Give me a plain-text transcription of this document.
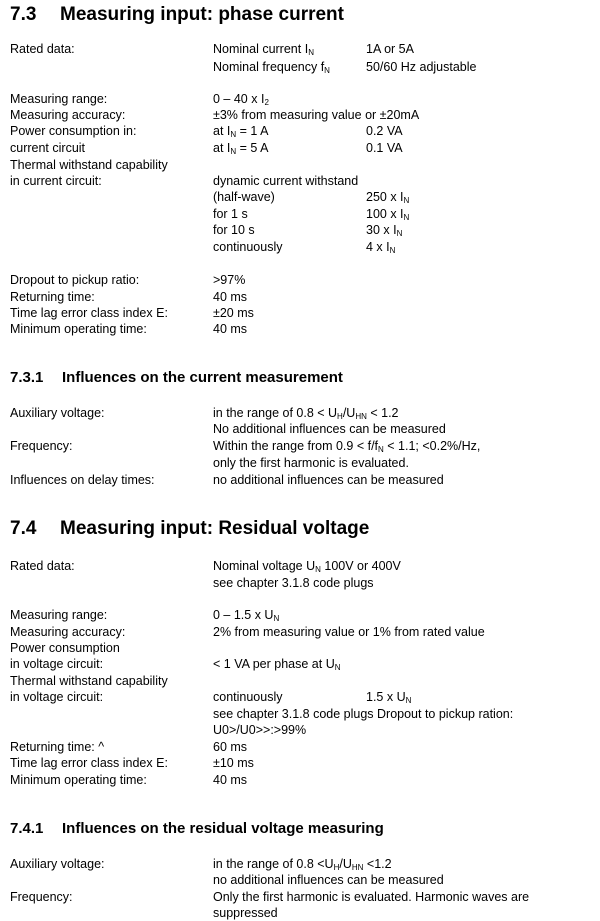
7.3 Measuring input: phase current
Rated data:	Nominal current $I_N$	1A or 5A
Nominal frequency $f_N$	50/60 Hz adjustable
Measuring range:	0 – 40 x $I_2$
Measuring accuracy:	±3% from measuring value or ±20mA
Power consumption in:	at $I_N = 1$ A	0.2 VA
current circuit	at $I_N = 5$ A	0.1 VA
Thermal withstand capability
in current circuit:	dynamic current withstand
(half-wave)	250 x $I_N$
for 1 s	100 x $I_N$
for 10 s	30 x $I_N$
continuously	4 x $I_N$
Dropout to pickup ratio:	>97%
Returning time:	40 ms
Time lag error class index E:	±20 ms
Minimum operating time:	40 ms
7.3.1 Influences on the current measurement
Auxiliary voltage:	in the range of $0.8 < U_H/U_{HN} < 1.2$
No additional influences can be measured
Frequency:	Within the range from $0.9 < f/f_N < 1.1$; <0.2%/Hz,
only the first harmonic is evaluated.
Influences on delay times:	no additional influences can be measured
7.4 Measuring input: Residual voltage
Rated data:	Nominal voltage $U_N$ 100V or 400V
see chapter 3.1.8 code plugs
Measuring range:	0 – 1.5 x $U_N$
Measuring accuracy:	2% from measuring value or 1% from rated value
Power consumption
in voltage circuit:	< 1 VA per phase at $U_N$
Thermal withstand capability
in voltage circuit:	continuously	1.5 x $U_N$
see chapter 3.1.8 code plugs Dropout to pickup ration:
U0>/U0>>:>99%
Returning time: ^	60 ms
Time lag error class index E:	±10 ms
Minimum operating time:	40 ms
7.4.1 Influences on the residual voltage measuring
Auxiliary voltage:	in the range of $0.8 <U_H/U_{HN} <1.2$
no additional influences can be measured
Frequency:	Only the first harmonic is evaluated. Harmonic waves are
suppressed
